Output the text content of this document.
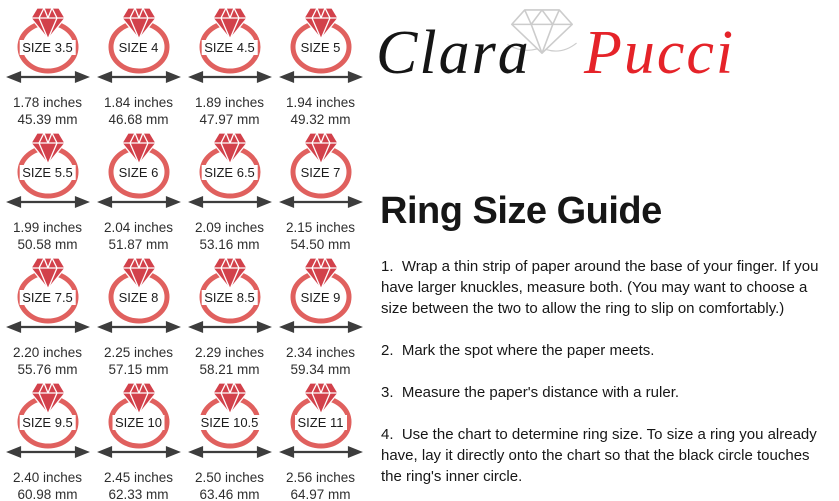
SIZE 3.5
1.78 inches
45.39 mm
SIZE 4
1.84 inches
46.68 mm
SIZE 4.5
1.89 inches
47.97 mm
SIZE 5
1.94 inches
49.32 mm
SIZE 5.5
1.99 inches
50.58 mm
SIZE 6
2.04 inches
51.87 mm
SIZE 6.5
2.09 inches
53.16 mm
SIZE 7
2.15 inches
54.50 mm
SIZE 7.5
2.20 inches
55.76 mm
SIZE 8
2.25 inches
57.15 mm
SIZE 8.5
2.29 inches
58.21 mm
SIZE 9
2.34 inches
59.34 mm
SIZE 9.5
2.40 inches
60.98 mm
SIZE 10
2.45 inches
62.33 mm
SIZE 10.5
2.50 inches
63.46 mm
SIZE 11
2.56 inches
64.97 mm
Clara Pucci
Ring Size Guide

1.  Wrap a thin strip of paper around the base of your finger. If you have larger knuckles, measure both. (You may want to choose a size between the two to allow the ring to slip on comfortably.)

2.  Mark the spot where the paper meets.

3.  Measure the paper's distance with a ruler.

4.  Use the chart to determine ring size. To size a ring you already have, lay it directly onto the chart so that the black circle touches the ring's inner circle.
